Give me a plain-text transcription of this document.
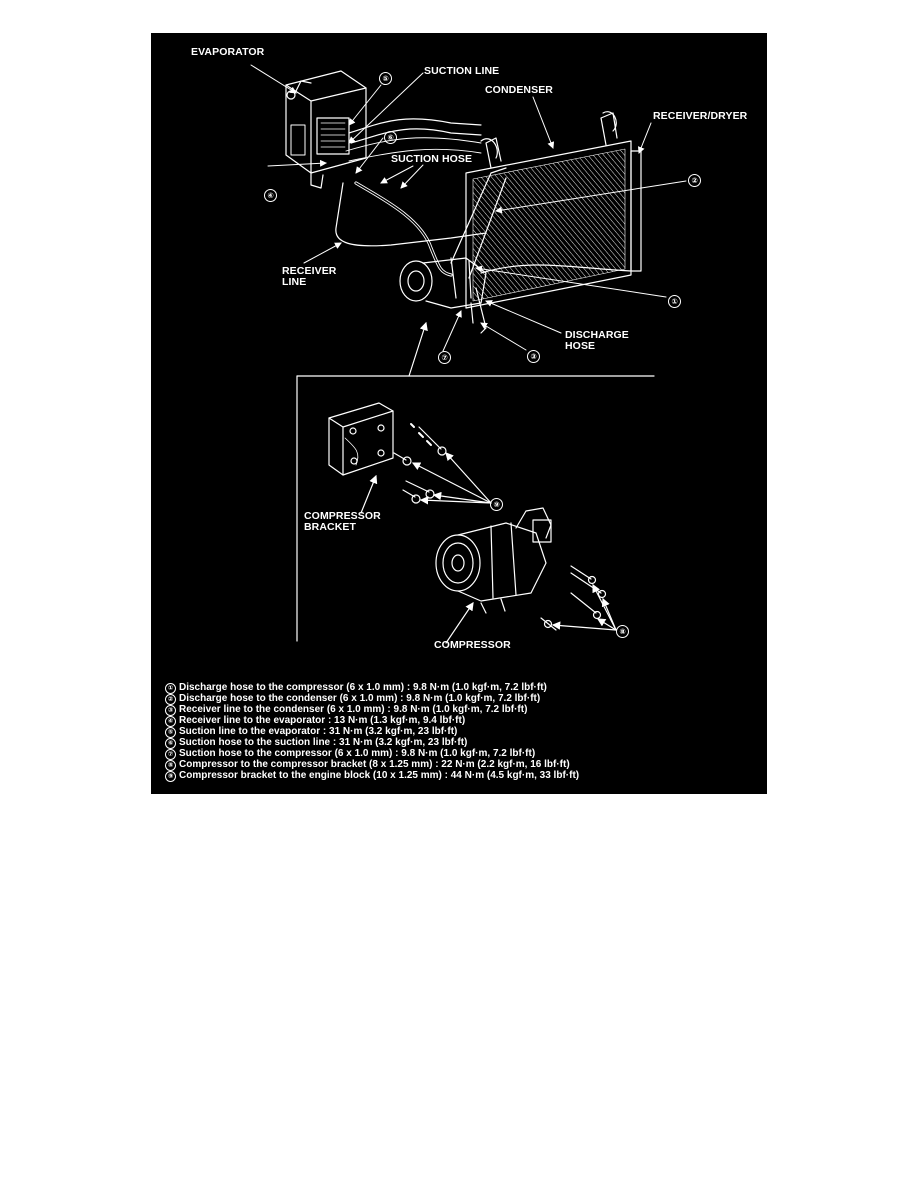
EVAPORATOR
SUCTION LINE
CONDENSER
RECEIVER/DRYER
SUCTION HOSE
RECEIVER
LINE
DISCHARGE
HOSE
COMPRESSOR
BRACKET
COMPRESSOR
⑤
⑥
④
②
①
⑦	③
⑨
⑧
① Discharge hose to the compressor (6 x 1.0 mm) : 9.8 N·m (1.0 kgf·m, 7.2 lbf·ft)
② Discharge hose to the condenser (6 x 1.0 mm) : 9.8 N·m (1.0 kgf·m, 7.2 lbf·ft)
③ Receiver line to the condenser (6 x 1.0 mm) : 9.8 N·m (1.0 kgf·m, 7.2 lbf·ft)
④ Receiver line to the evaporator : 13 N·m (1.3 kgf·m, 9.4 lbf·ft)
⑤ Suction line to the evaporator : 31 N·m (3.2 kgf·m, 23 lbf·ft)
⑥ Suction hose to the suction line : 31 N·m (3.2 kgf·m, 23 lbf·ft)
⑦ Suction hose to the compressor (6 x 1.0 mm) : 9.8 N·m (1.0 kgf·m, 7.2 lbf·ft)
⑧ Compressor to the compressor bracket (8 x 1.25 mm) : 22 N·m (2.2 kgf·m, 16 lbf·ft)
⑨ Compressor bracket to the engine block (10 x 1.25 mm) : 44 N·m (4.5 kgf·m, 33 lbf·ft)
